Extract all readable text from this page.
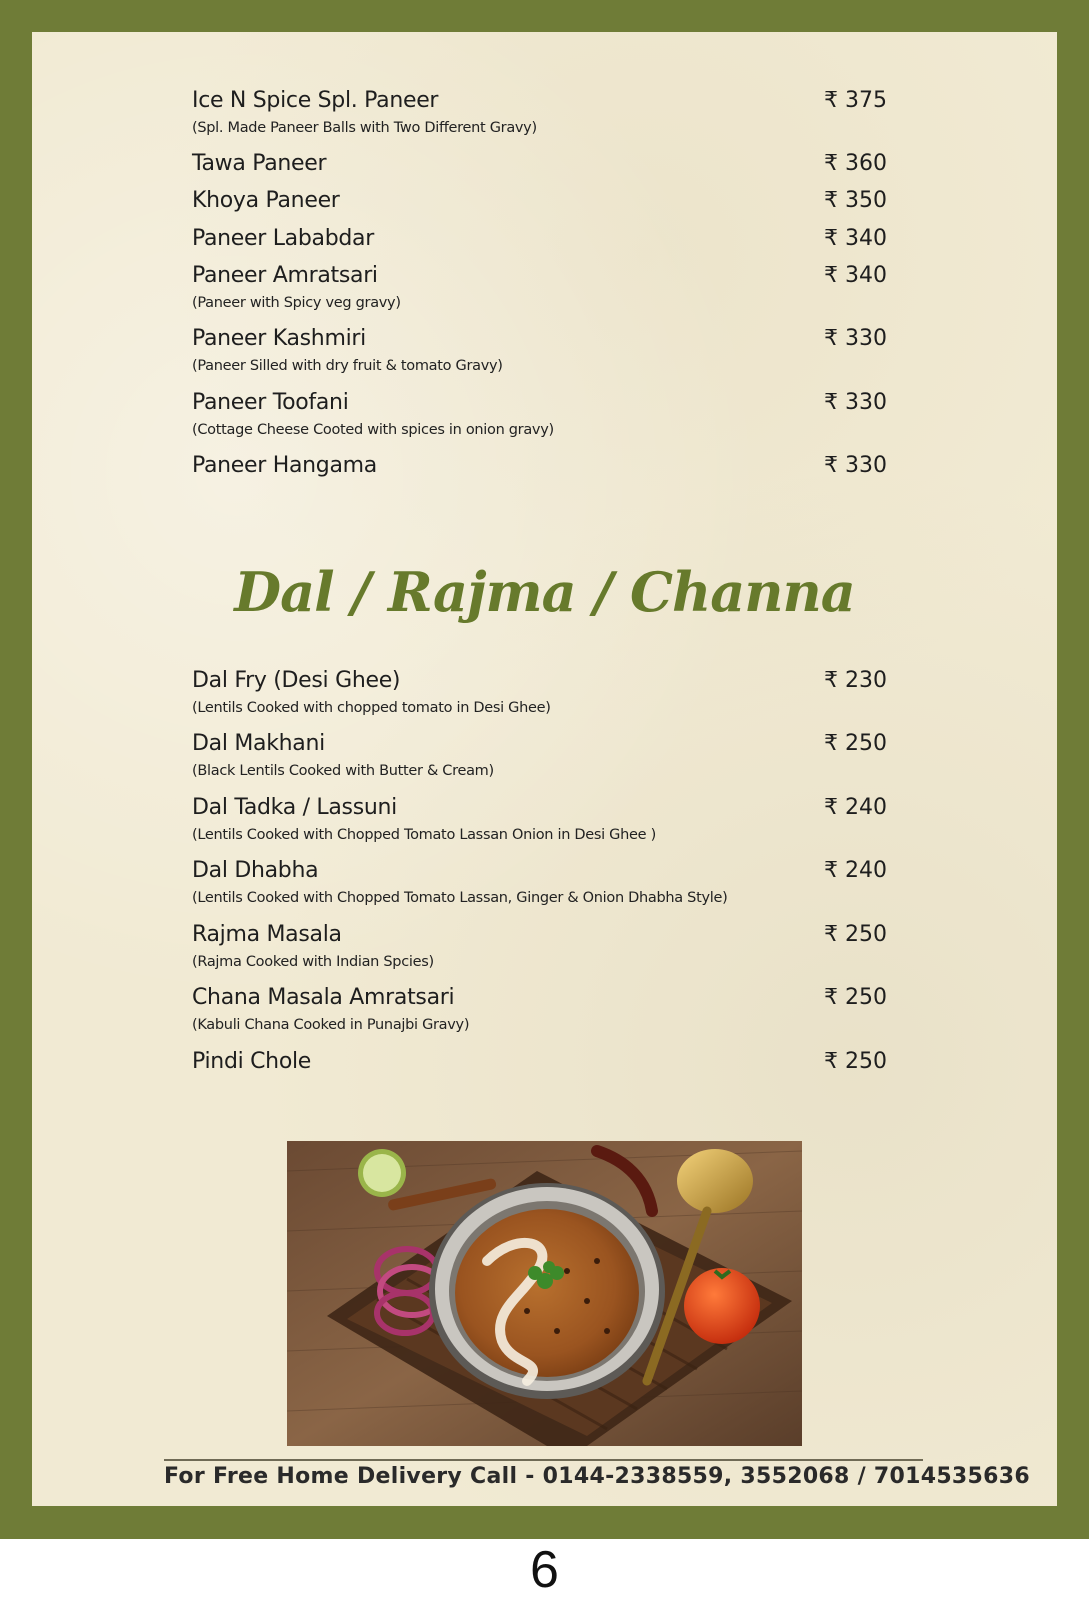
Ice N Spice Spl. Paneer	₹ 375
(Spl. Made Paneer Balls with Two Different Gravy)
Tawa Paneer	₹ 360
Khoya Paneer	₹ 350
Paneer Lababdar	₹ 340
Paneer Amratsari	₹ 340
(Paneer with Spicy veg gravy)
Paneer Kashmiri	₹ 330
(Paneer Silled with dry fruit & tomato Gravy)
Paneer Toofani	₹ 330
(Cottage Cheese Cooted with spices in onion gravy)
Paneer Hangama	₹ 330
Dal / Rajma / Channa
Dal Fry (Desi Ghee)	₹ 230
(Lentils Cooked with chopped tomato in Desi Ghee)
Dal Makhani	₹ 250
(Black Lentils Cooked with Butter & Cream)
Dal Tadka / Lassuni	₹ 240
(Lentils Cooked with Chopped Tomato Lassan Onion in Desi Ghee )
Dal Dhabha	₹ 240
(Lentils Cooked with Chopped Tomato Lassan, Ginger & Onion Dhabha Style)
Rajma Masala	₹ 250
(Rajma Cooked with Indian Spcies)
Chana Masala Amratsari	₹ 250
(Kabuli Chana Cooked in Punajbi Gravy)
Pindi Chole	₹ 250
For Free Home Delivery Call - 0144-2338559, 3552068 / 7014535636
6
